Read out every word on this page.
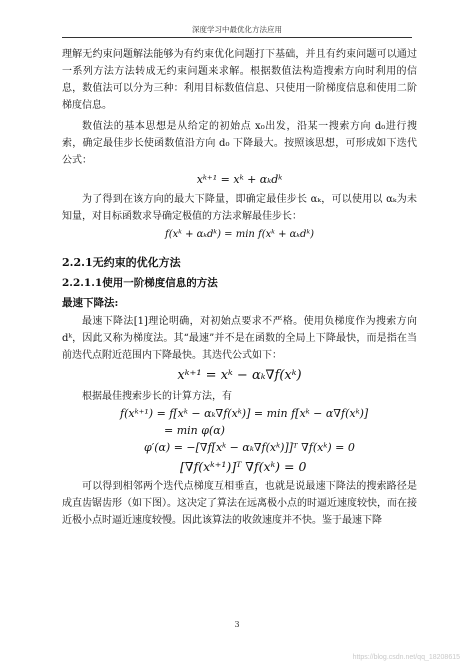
深度学习中最优化方法应用

理解无约束问题解法能够为有约束优化问题打下基础，并且有约束问题可以通过一系列方法方法转成无约束问题来求解。根据数值法构造搜索方向时利用的信息，数值法可以分为三种：利用目标数值信息、只使用一阶梯度信息和使用二阶梯度信息。

数值法的基本思想是从给定的初始点 x₀出发，沿某一搜索方向 d₀进行搜索，确定最佳步长使函数值沿方向 d₀ 下降最大。按照该思想，可形成如下迭代公式：

xᵏ⁺¹ = xᵏ + αₖdᵏ

为了得到在该方向的最大下降量，即确定最佳步长 αₖ，可以使用以 αₖ为未知量，对目标函数求导确定极值的方法求解最佳步长：

f(xᵏ + αₖdᵏ) = min f(xᵏ + αₖdᵏ)

2.2.1无约束的优化方法

2.2.1.1使用一阶梯度信息的方法

最速下降法:

最速下降法[1]理论明确，对初始点要求不严格。使用负梯度作为搜索方向 dᵏ，因此又称为梯度法。其“最速”并不是在函数的全局上下降最快，而是指在当前迭代点附近范围内下降最快。其迭代公式如下：

xᵏ⁺¹ = xᵏ − αₖ∇f(xᵏ)

根据最佳搜索步长的计算方法，有

f(xᵏ⁺¹) = f[xᵏ − αₖ∇f(xᵏ)] = min f[xᵏ − α∇f(xᵏ)]
= min φ(α)
φ′(α) = −[∇f[xᵏ − αₖ∇f(xᵏ)]]ᵀ ∇f(xᵏ) = 0
[∇f(xᵏ⁺¹)]ᵀ ∇f(xᵏ) = 0

可以得到相邻两个迭代点梯度互相垂直，也就是说最速下降法的搜索路径是成直齿锯齿形（如下图）。这决定了算法在远离极小点的时逼近速度较快，而在接近极小点时逼近速度较慢。因此该算法的收敛速度并不快。鉴于最速下降

3
https://blog.csdn.net/qq_18208615
